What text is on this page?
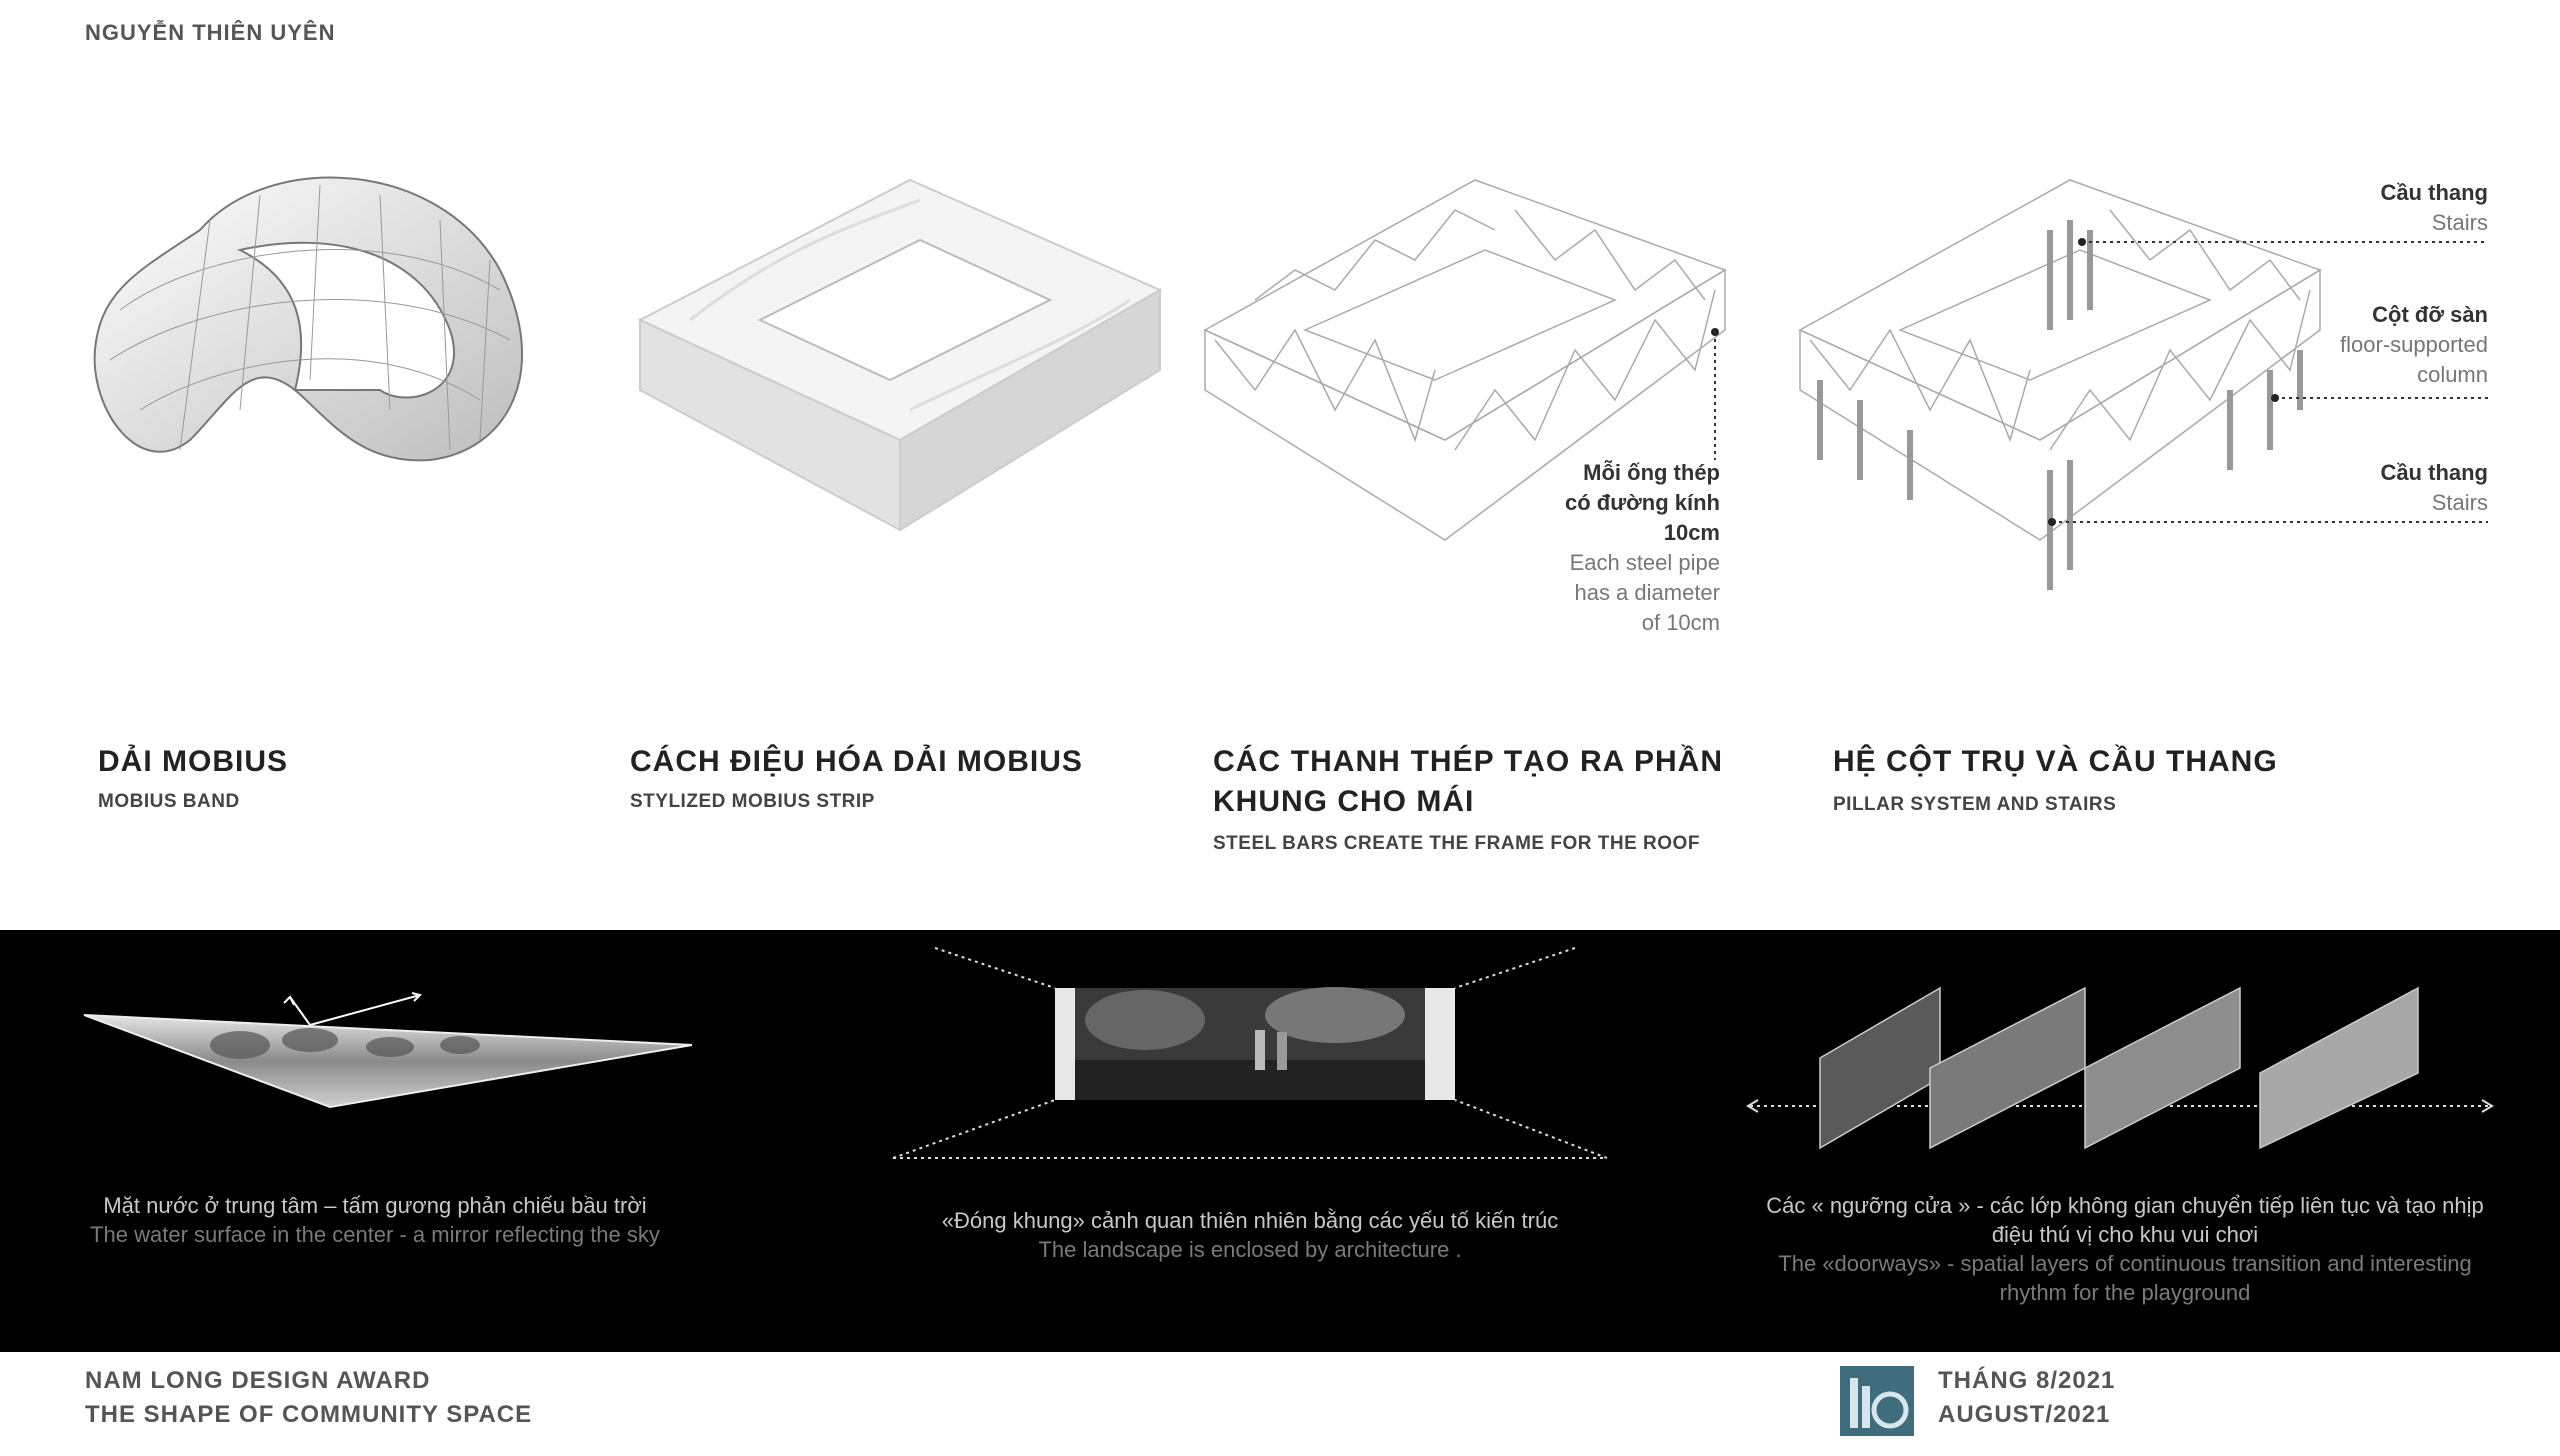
NGUYỄN THIÊN UYÊN
DẢI MOBIUS
MOBIUS BAND
CÁCH ĐIỆU HÓA DẢI MOBIUS
STYLIZED MOBIUS STRIP
Mỗi ống thép
có đường kính
10cm
Each steel pipe
has a diameter
of 10cm
CÁC THANH THÉP TẠO RA PHẦN
KHUNG CHO MÁI
STEEL BARS CREATE THE FRAME FOR THE ROOF
Cầu thang
Stairs
Cột đỡ sàn
floor-supported
column
Cầu thang
Stairs
HỆ CỘT TRỤ VÀ CẦU THANG
PILLAR SYSTEM AND STAIRS
Mặt nước ở trung tâm – tấm gương phản chiếu bầu trời
The water surface in the center - a mirror reflecting the sky
«Đóng khung» cảnh quan thiên nhiên bằng các yếu tố kiến trúc
The landscape is enclosed by architecture .
Các « ngưỡng cửa » - các lớp không gian chuyển tiếp liên tục và tạo nhịp
điệu thú vị cho khu vui chơi
The «doorways» - spatial layers of continuous transition and interesting
rhythm for the playground
NAM LONG DESIGN AWARD
THE SHAPE OF COMMUNITY SPACE
THÁNG 8/2021
AUGUST/2021
